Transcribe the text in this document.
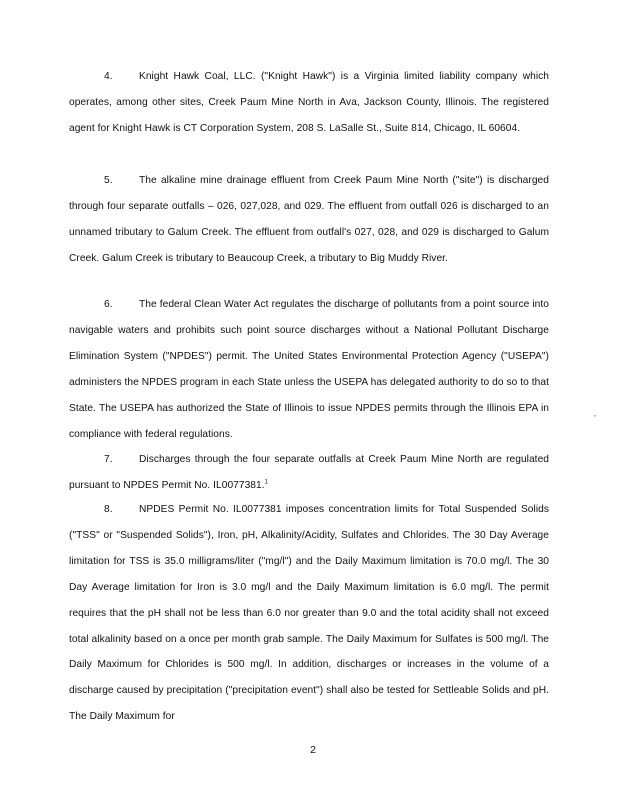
4.	Knight Hawk Coal, LLC. ("Knight Hawk") is a Virginia limited liability company which operates, among other sites, Creek Paum Mine North in Ava, Jackson County, Illinois. The registered agent for Knight Hawk is CT Corporation System, 208 S. LaSalle St., Suite 814, Chicago, IL 60604.

5.	The alkaline mine drainage effluent from Creek Paum Mine North ("site") is discharged through four separate outfalls – 026, 027,028, and 029. The effluent from outfall 026 is discharged to an unnamed tributary to Galum Creek. The effluent from outfall's 027, 028, and 029 is discharged to Galum Creek. Galum Creek is tributary to Beaucoup Creek, a tributary to Big Muddy River.

6.	The federal Clean Water Act regulates the discharge of pollutants from a point source into navigable waters and prohibits such point source discharges without a National Pollutant Discharge Elimination System ("NPDES") permit. The United States Environmental Protection Agency ("USEPA") administers the NPDES program in each State unless the USEPA has delegated authority to do so to that State. The USEPA has authorized the State of Illinois to issue NPDES permits through the Illinois EPA in compliance with federal regulations.

7.	Discharges through the four separate outfalls at Creek Paum Mine North are regulated pursuant to NPDES Permit No. IL0077381.$^1$

8.	NPDES Permit No. IL0077381 imposes concentration limits for Total Suspended Solids ("TSS" or "Suspended Solids"), Iron, pH, Alkalinity/Acidity, Sulfates and Chlorides. The 30 Day Average limitation for TSS is 35.0 milligrams/liter ("mg/l") and the Daily Maximum limitation is 70.0 mg/l. The 30 Day Average limitation for Iron is 3.0 mg/l and the Daily Maximum limitation is 6.0 mg/l. The permit requires that the pH shall not be less than 6.0 nor greater than 9.0 and the total acidity shall not exceed total alkalinity based on a once per month grab sample. The Daily Maximum for Sulfates is 500 mg/l. The Daily Maximum for Chlorides is 500 mg/l. In addition, discharges or increases in the volume of a discharge caused by precipitation ("precipitation event") shall also be tested for Settleable Solids and pH. The Daily Maximum for

’
2
